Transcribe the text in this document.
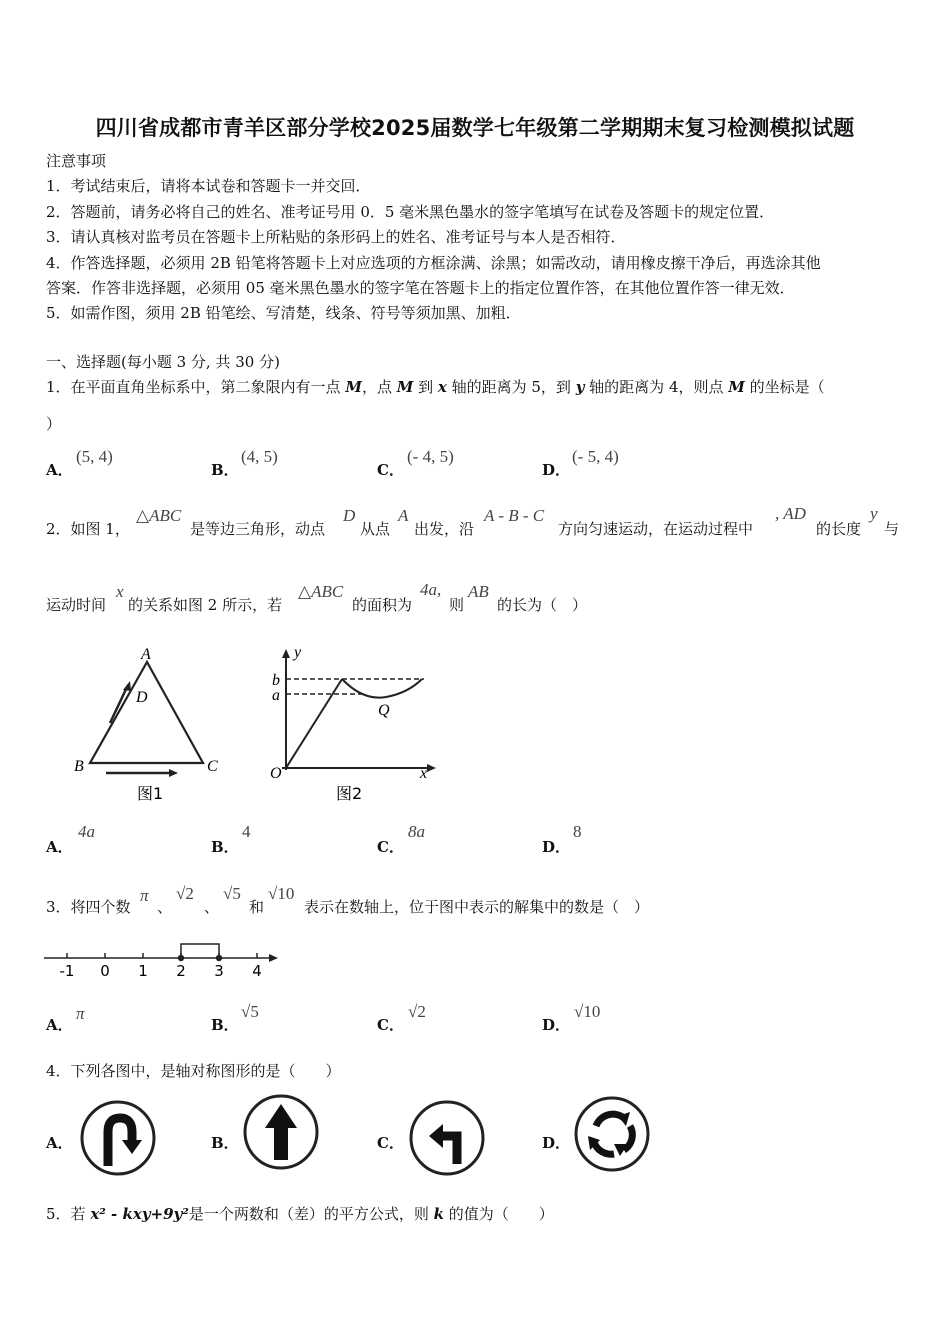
四川省成都市青羊区部分学校2025届数学七年级第二学期期末复习检测模拟试题
注意事项
1．考试结束后，请将本试卷和答题卡一并交回．
2．答题前，请务必将自己的姓名、准考证号用 0．5 毫米黑色墨水的签字笔填写在试卷及答题卡的规定位置．
3．请认真核对监考员在答题卡上所粘贴的条形码上的姓名、准考证号与本人是否相符．
4．作答选择题，必须用 2B 铅笔将答题卡上对应选项的方框涂满、涂黑；如需改动，请用橡皮擦干净后，再选涂其他
答案．作答非选择题，必须用 05 毫米黑色墨水的签字笔在答题卡上的指定位置作答，在其他位置作答一律无效．
5．如需作图，须用 2B 铅笔绘、写清楚，线条、符号等须加黑、加粗．
一、选择题(每小题 3 分, 共 30 分)
1．在平面直角坐标系中，第二象限内有一点 M，点 M 到 x 轴的距离为 5，到 y 轴的距离为 4，则点 M 的坐标是（
）
A．
(5, 4)
B．
(4, 5)
C．
(- 4, 5)
D．
(- 5, 4)
2．如图 1，
△ABC
是等边三角形，动点
D
从点
A
出发，沿
A - B - C
方向匀速运动，在运动过程中
, AD
的长度
y
与
运动时间
x
的关系如图 2 所示，若
△ABC
的面积为
4a,
则
AB
的长为（　）
A
D
B	C
图1
y
b
a
Q
O	x
图2
A．
4a
B．
4
C．
8a
D．
8
3．将四个数
π
、
√2
、
√5
和
√10
表示在数轴上，位于图中表示的解集中的数是（　）
-1 0 1 2 3 4
A．
π
B．
√5
C．
√2
D．
√10
4．下列各图中，是轴对称图形的是（　　）
A．	B．	C．	D．
5．若 x² - kxy+9y²是一个两数和（差）的平方公式，则 k 的值为（　　）
